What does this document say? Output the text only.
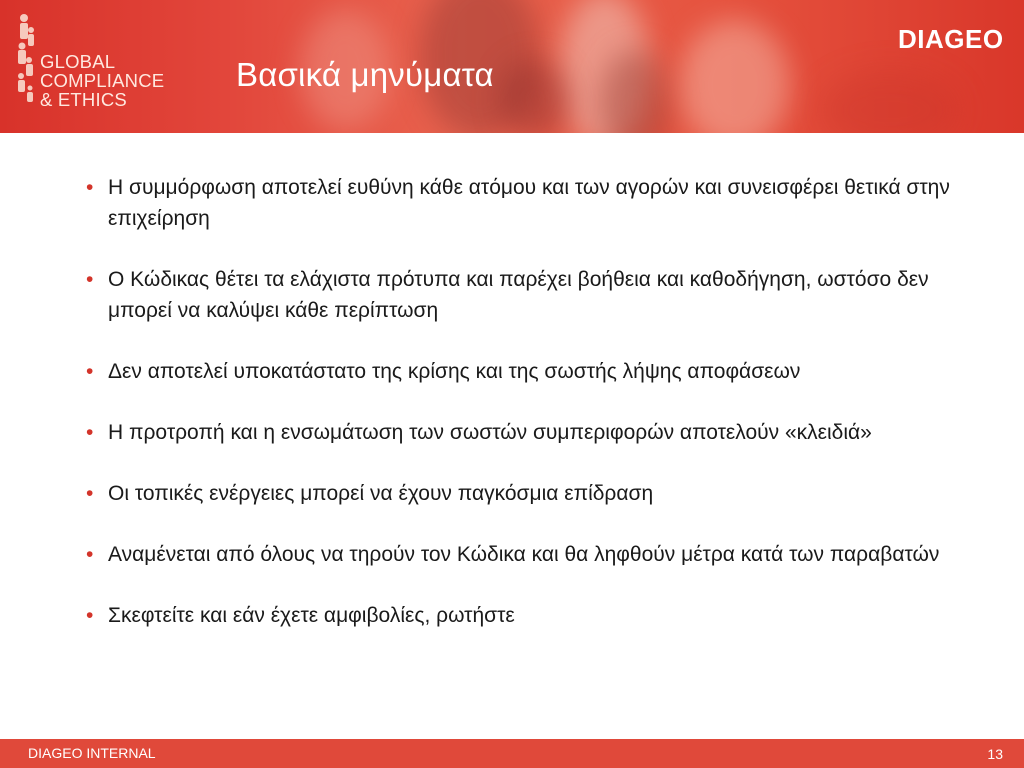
GLOBAL
COMPLIANCE
& ETHICS
Βασικά μηνύματα
DIAGEO
• Η συμμόρφωση αποτελεί ευθύνη κάθε ατόμου και των αγορών και συνεισφέρει θετικά στην επιχείρηση
• Ο Κώδικας θέτει τα ελάχιστα πρότυπα και παρέχει βοήθεια και καθοδήγηση, ωστόσο δεν μπορεί να καλύψει κάθε περίπτωση
• Δεν αποτελεί υποκατάστατο της κρίσης και της σωστής λήψης αποφάσεων
• Η προτροπή και η ενσωμάτωση των σωστών συμπεριφορών αποτελούν «κλειδιά»
• Οι τοπικές ενέργειες μπορεί να έχουν παγκόσμια επίδραση
• Αναμένεται από όλους να τηρούν τον Κώδικα και θα ληφθούν μέτρα κατά των παραβατών
• Σκεφτείτε και εάν έχετε αμφιβολίες, ρωτήστε
DIAGEO INTERNAL	13
